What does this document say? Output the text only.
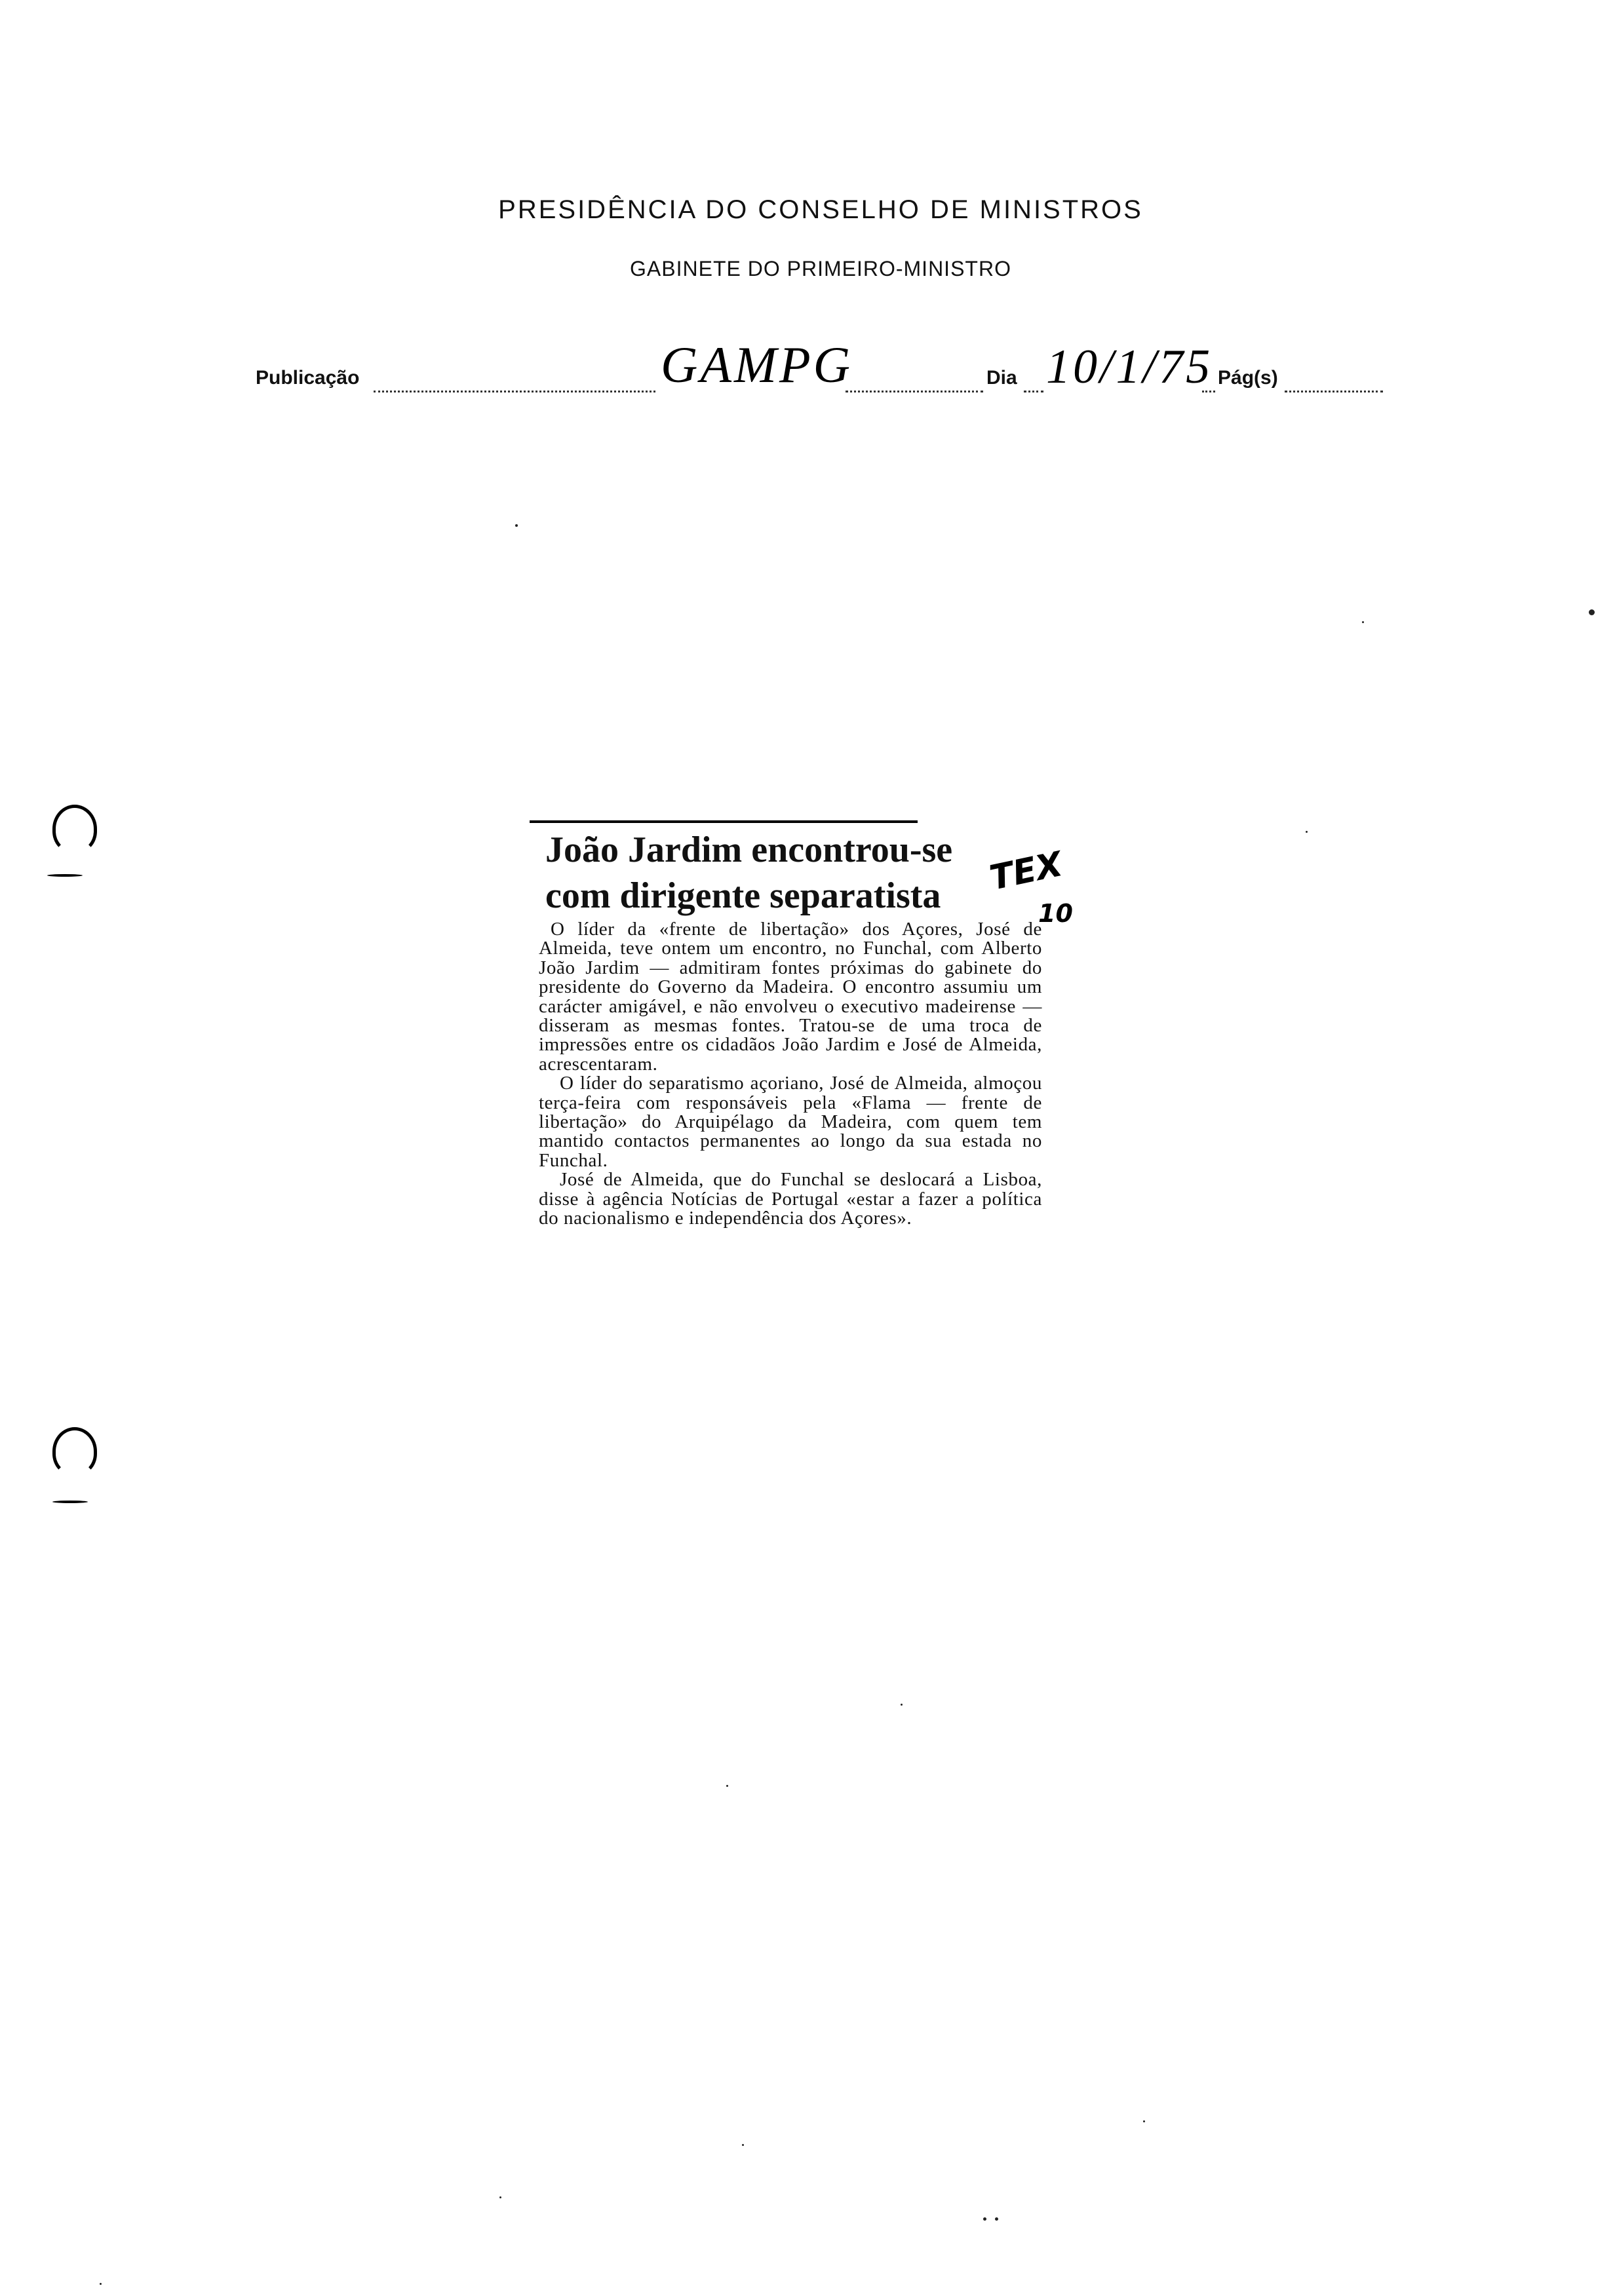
PRESIDÊNCIA DO CONSELHO DE MINISTROS
GABINETE DO PRIMEIRO-MINISTRO
Publicação	GAMPG	Dia 10/1/75 Pág(s)
João Jardim encontrou-se
com dirigente separatista	TEX
10

O líder da «frente de libertação» dos Açores, José de Almeida, teve ontem um encontro, no Funchal, com Alberto João Jardim — admitiram fontes próximas do gabinete do presidente do Governo da Madeira. O encontro assumiu um carácter amigável, e não envolveu o executivo madeirense — disseram as mesmas fontes. Tratou-se de uma troca de impressões entre os cidadãos João Jardim e José de Almeida, acrescentaram.

O líder do separatismo açoriano, José de Almeida, almoçou terça-feira com responsáveis pela «Flama — frente de libertação» do Arquipélago da Madeira, com quem tem mantido contactos permanentes ao longo da sua estada no Funchal.

José de Almeida, que do Funchal se deslocará a Lisboa, disse à agência Notícias de Portugal «estar a fazer a política do nacionalismo e independência dos Açores».
